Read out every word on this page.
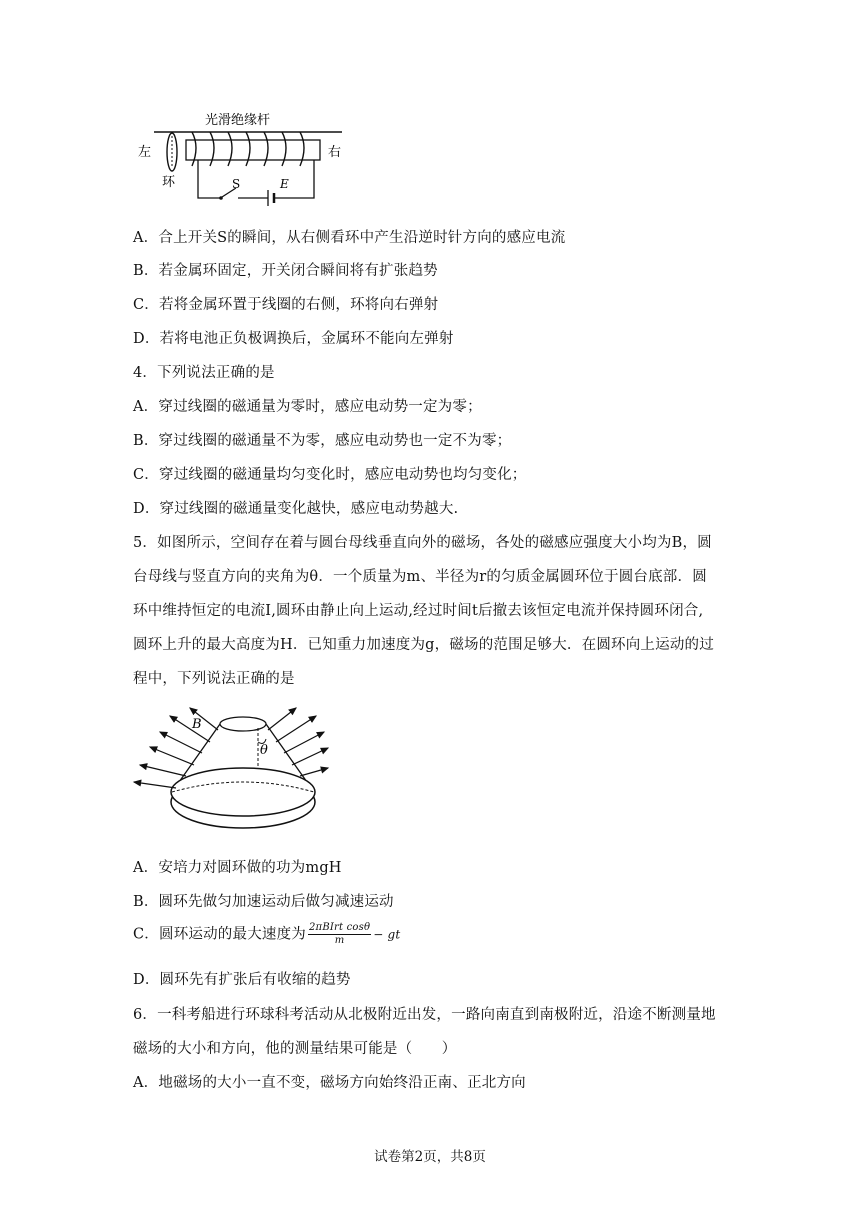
光滑绝缘杆
左	右
环	S	E
A．合上开关S的瞬间，从右侧看环中产生沿逆时针方向的感应电流
B．若金属环固定，开关闭合瞬间将有扩张趋势
C．若将金属环置于线圈的右侧，环将向右弹射
D．若将电池正负极调换后，金属环不能向左弹射
4．下列说法正确的是
A．穿过线圈的磁通量为零时，感应电动势一定为零；
B．穿过线圈的磁通量不为零，感应电动势也一定不为零；
C．穿过线圈的磁通量均匀变化时，感应电动势也均匀变化；
D．穿过线圈的磁通量变化越快，感应电动势越大.
5．如图所示，空间存在着与圆台母线垂直向外的磁场，各处的磁感应强度大小均为B，圆
台母线与竖直方向的夹角为θ．一个质量为m、半径为r的匀质金属圆环位于圆台底部．圆
环中维持恒定的电流I,圆环由静止向上运动,经过时间t后撤去该恒定电流并保持圆环闭合,
圆环上升的最大高度为H．已知重力加速度为g，磁场的范围足够大．在圆环向上运动的过
程中，下列说法正确的是
θ
B
A．安培力对圆环做的功为mgH
B．圆环先做匀加速运动后做匀减速运动
C．圆环运动的最大速度为 $\frac{\text{2πBIrt cosθ}}{m}$ − gt
D．圆环先有扩张后有收缩的趋势
6．一科考船进行环球科考活动从北极附近出发，一路向南直到南极附近，沿途不断测量地
磁场的大小和方向，他的测量结果可能是（　　）
A．地磁场的大小一直不变，磁场方向始终沿正南、正北方向
试卷第2页，共8页
